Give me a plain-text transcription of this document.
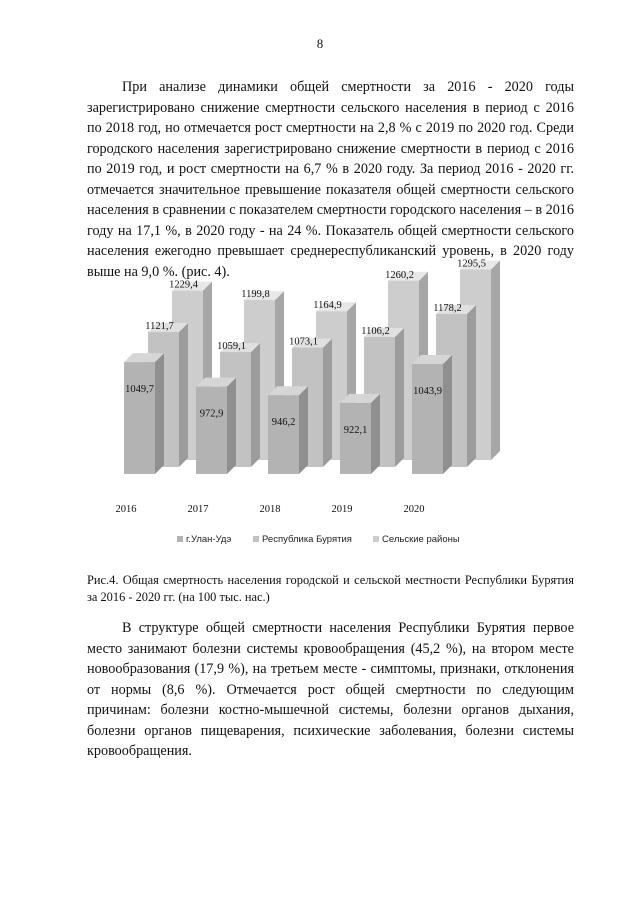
8

При анализе динамики общей смертности за 2016 - 2020 годы зарегистрировано снижение смертности сельского населения в период с 2016 по 2018 год, но отмечается рост смертности на 2,8 % с 2019 по 2020 год. Среди городского населения зарегистрировано снижение смертности в период с 2016 по 2019 год, и рост смертности на 6,7 % в 2020 году. За период 2016 - 2020 гг. отмечается значительное превышение показателя общей смертности сельского населения в сравнении с показателем смертности городского населения – в 2016 году на 17,1 %, в 2020 году - на 24 %. Показатель общей смертности сельского населения ежегодно превышает среднереспубликанский уровень, в 2020 году выше на 9,0 %. (рис. 4).

1229,4
1199,8
1164,9
1260,2
1295,5
1121,7
1059,1	1073,1
1106,2
1178,2
1049,7
972,9
946,2
922,1
1043,9
2016	2017	2018	2019	2020
г.Улан-Удэ	Республика Бурятия	Сельские районы

Рис.4. Общая смертность населения городской и сельской местности Республики Бурятия за 2016 - 2020 гг. (на 100 тыс. нас.)

В структуре общей смертности населения Республики Бурятия первое место занимают болезни системы кровообращения (45,2 %), на втором месте новообразования (17,9 %), на третьем месте - симптомы, признаки, отклонения от нормы (8,6 %). Отмечается рост общей смертности по следующим причинам: болезни костно-мышечной системы, болезни органов дыхания, болезни органов пищеварения, психические заболевания, болезни системы кровообращения.
